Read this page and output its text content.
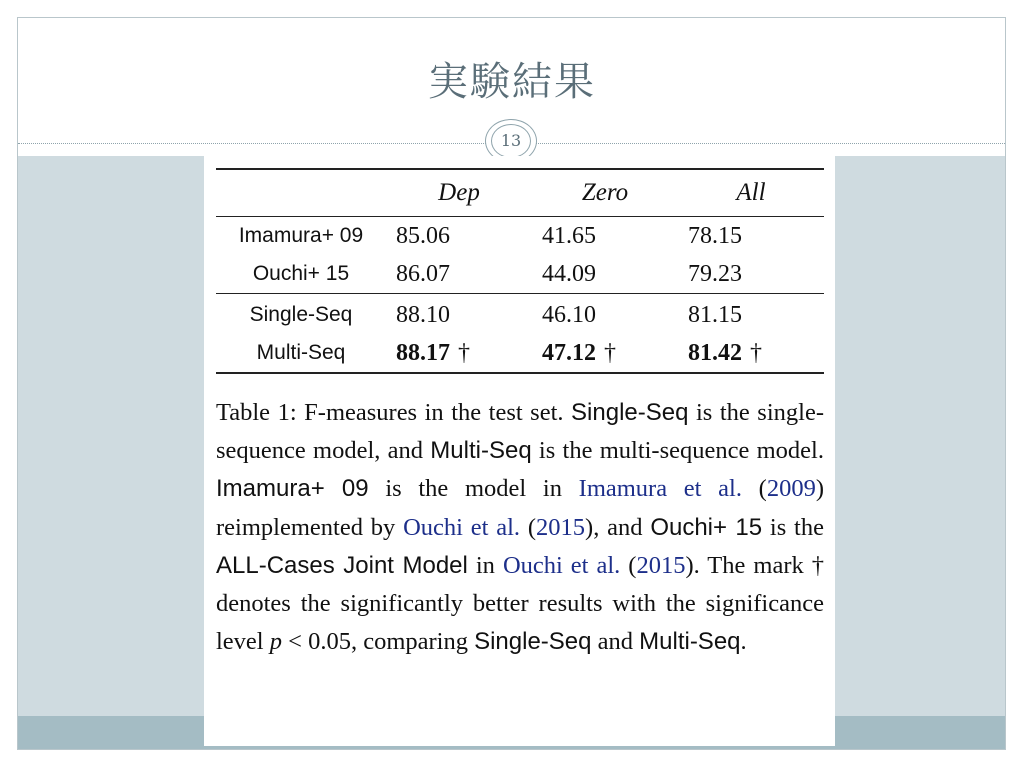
実験結果
13
	Dep	Zero	All
Imamura+ 09	85.06	41.65	78.15
Ouchi+ 15	86.07	44.09	79.23
Single-Seq	88.10	46.10	81.15
Multi-Seq	88.17 †	47.12 †	81.42 †

Table 1: F-measures in the test set. Single-Seq is the single-sequence model, and Multi-Seq is the multi-sequence model. Imamura+ 09 is the model in Imamura et al. (2009) reimplemented by Ouchi et al. (2015), and Ouchi+ 15 is the ALL-Cases Joint Model in Ouchi et al. (2015). The mark † denotes the significantly better results with the significance level p < 0.05, comparing Single-Seq and Multi-Seq.
